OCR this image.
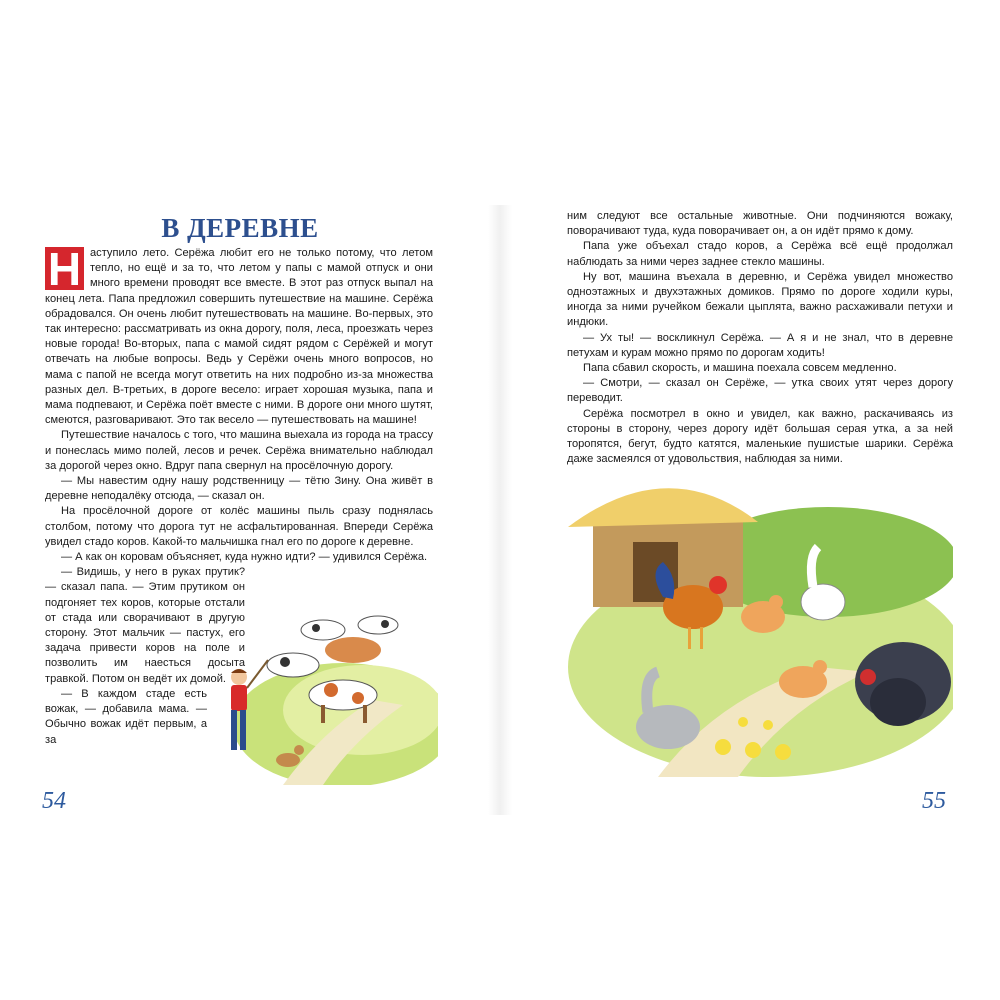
В ДЕРЕВНЕ

Н аступило лето. Серёжа любит его не только потому, что летом тепло, но ещё и за то, что летом у папы с мамой отпуск и они много времени проводят все вместе. В этот раз отпуск выпал на конец лета. Папа предложил совершить путешествие на машине. Серёжа обрадовался. Он очень любит путешествовать на машине. Во-первых, это так интересно: рассматривать из окна дорогу, поля, леса, проезжать через новые города! Во-вторых, папа с мамой сидят рядом с Серёжей и могут отвечать на любые вопросы. Ведь у Серёжи очень много вопросов, но мама с папой не всегда могут ответить на них подробно из-за множества разных дел. В-третьих, в дороге весело: играет хорошая музыка, папа и мама подпевают, и Серёжа поёт вместе с ними. В дороге они много шутят, смеются, разговаривают. Это так весело — путешествовать на машине!

Путешествие началось с того, что машина выехала из города на трассу и понеслась мимо полей, лесов и речек. Серёжа внимательно наблюдал за дорогой через окно. Вдруг папа свернул на просёлочную дорогу.

— Мы навестим одну нашу родственницу — тётю Зину. Она живёт в деревне неподалёку отсюда, — сказал он.

На просёлочной дороге от колёс машины пыль сразу поднялась столбом, потому что дорога тут не асфальтированная. Впереди Серёжа увидел стадо коров. Какой-то мальчишка гнал его по дороге к деревне.

— А как он коровам объясняет, куда нужно идти? — удивился Серёжа.

— Видишь, у него в руках прутик? — сказал папа. — Этим прутиком он подгоняет тех коров, которые отстали от стада или сворачивают в другую сторону. Этот мальчик — пастух, его задача привести коров на поле и позволить им наесться досыта травкой. Потом он ведёт их домой.

— В каждом стаде есть вожак, — добавила мама. — Обычно вожак идёт первым, а за

54

ним следуют все остальные животные. Они подчиняются вожаку, поворачивают туда, куда поворачивает он, а он идёт прямо к дому.

Папа уже объехал стадо коров, а Серёжа всё ещё продолжал наблюдать за ними через заднее стекло машины.

Ну вот, машина въехала в деревню, и Серёжа увидел множество одноэтажных и двухэтажных домиков. Прямо по дороге ходили куры, иногда за ними ручейком бежали цыплята, важно расхаживали петухи и индюки.

— Ух ты! — воскликнул Серёжа. — А я и не знал, что в деревне петухам и курам можно прямо по дорогам ходить!

Папа сбавил скорость, и машина поехала совсем медленно.

— Смотри, — сказал он Серёже, — утка своих утят через дорогу переводит.

Серёжа посмотрел в окно и увидел, как важно, раскачиваясь из стороны в сторону, через дорогу идёт большая серая утка, а за ней торопятся, бегут, будто катятся, маленькие пушистые шарики. Серёжа даже засмеялся от удовольствия, наблюдая за ними.

55
